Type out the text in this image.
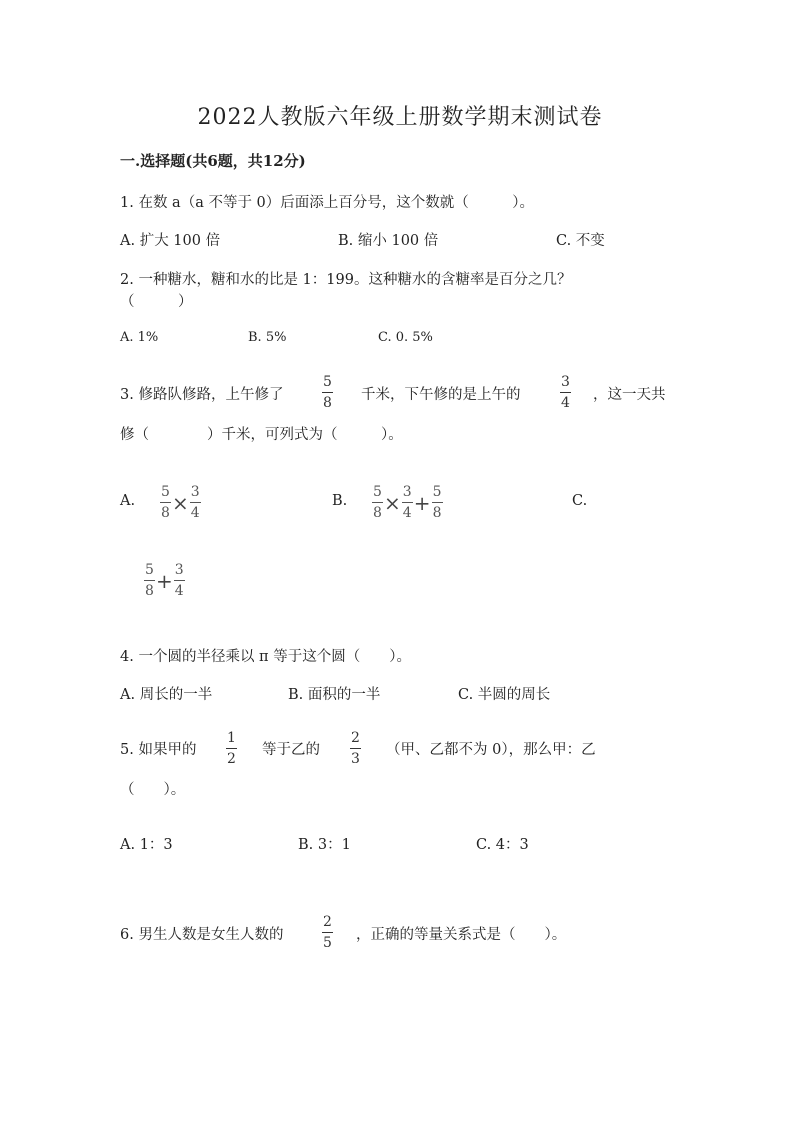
2022人教版六年级上册数学期末测试卷
一.选择题(共6题，共12分)
1. 在数 a（a 不等于 0）后面添上百分号，这个数就（　　　）。
A. 扩大 100 倍	B. 缩小 100 倍	C. 不变
2. 一种糖水，糖和水的比是 1：199。这种糖水的含糖率是百分之几？
（　　　）
A. 1%	B. 5%	C. 0. 5%
3. 修路队修路，上午修了
5
8 千米，下午修的是上午的
3
4 ，这一天共
修（　　　　）千米，可列式为（　　　）。
A. $\frac{5}{8} \times \frac{3}{4}$	B. $\frac{5}{8} \times \frac{3}{4} + \frac{5}{8}$	C.
$\frac{5}{8} + \frac{3}{4}$
4. 一个圆的半径乘以 π 等于这个圆（　　）。
A. 周长的一半	B. 面积的一半	C. 半圆的周长
5. 如果甲的
1
2
等于乙的
2
3
（甲、乙都不为 0），那么甲：乙
（　　）。
A. 1：3	B. 3：1	C. 4：3
6. 男生人数是女生人数的
2
5 ，正确的等量关系式是（　　）。
